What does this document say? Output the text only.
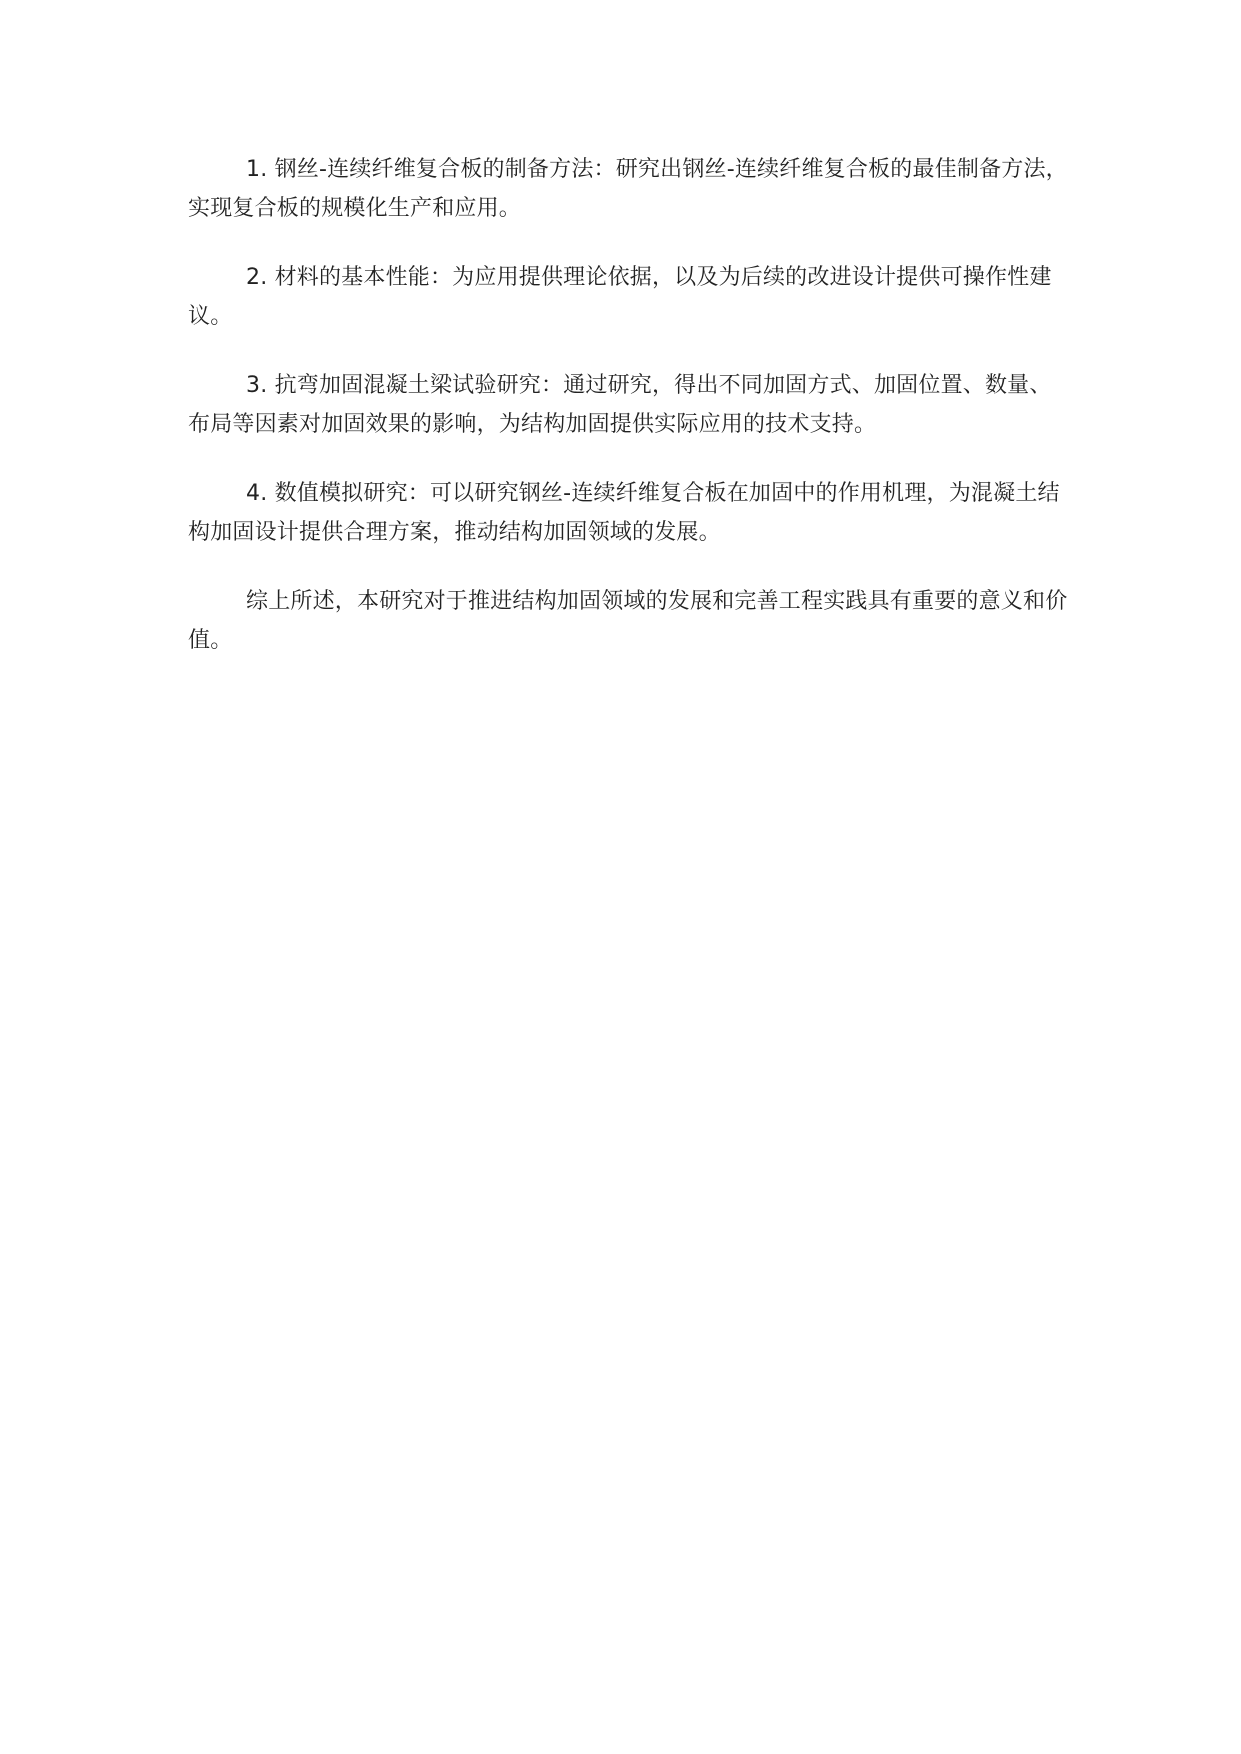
1. 钢丝-连续纤维复合板的制备方法：研究出钢丝-连续纤维复合板的最佳制备方法，实现复合板的规模化生产和应用。

2. 材料的基本性能：为应用提供理论依据，以及为后续的改进设计提供可操作性建议。

3. 抗弯加固混凝土梁试验研究：通过研究，得出不同加固方式、加固位置、数量、布局等因素对加固效果的影响，为结构加固提供实际应用的技术支持。

4. 数值模拟研究：可以研究钢丝-连续纤维复合板在加固中的作用机理，为混凝土结构加固设计提供合理方案，推动结构加固领域的发展。

综上所述，本研究对于推进结构加固领域的发展和完善工程实践具有重要的意义和价值。
